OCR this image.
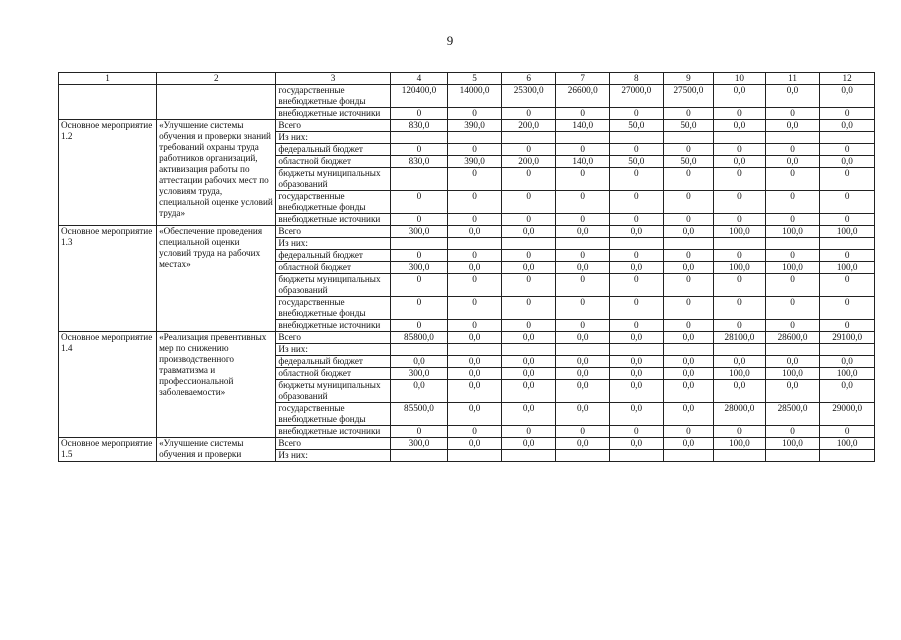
9
1	2	3	4	5	6	7	8	9	10	11	12
		государственные внебюджетные фонды	120400,0	14000,0	25300,0	26600,0	27000,0	27500,0	0,0	0,0	0,0
		внебюджетные источники	0	0	0	0	0	0	0	0	0
Основное мероприятие 1.2	«Улучшение системы обучения и проверки знаний требований охраны труда работников организаций, активизация работы по аттестации рабочих мест по условиям труда, специальной оценке условий труда»	Всего	830,0	390,0	200,0	140,0	50,0	50,0	0,0	0,0	0,0
		Из них:									
		федеральный бюджет	0	0	0	0	0	0	0	0	0
		областной бюджет	830,0	390,0	200,0	140,0	50,0	50,0	0,0	0,0	0,0
		бюджеты муниципальных образований		0	0	0	0	0	0	0	0
		государственные внебюджетные фонды	0	0	0	0	0	0	0	0	0
		внебюджетные источники	0	0	0	0	0	0	0	0	0
Основное мероприятие 1.3	«Обеспечение проведения специальной оценки условий труда на рабочих местах»	Всего	300,0	0,0	0,0	0,0	0,0	0,0	100,0	100,0	100,0
		Из них:									
		федеральный бюджет	0	0	0	0	0	0	0	0	0
		областной бюджет	300,0	0,0	0,0	0,0	0,0	0,0	100,0	100,0	100,0
		бюджеты муниципальных образований	0	0	0	0	0	0	0	0	0
		государственные внебюджетные фонды	0	0	0	0	0	0	0	0	0
		внебюджетные источники	0	0	0	0	0	0	0	0	0
Основное мероприятие 1.4	«Реализация превентивных мер по снижению производственного травматизма и профессиональной заболеваемости»	Всего	85800,0	0,0	0,0	0,0	0,0	0,0	28100,0	28600,0	29100,0
		Из них:									
		федеральный бюджет	0,0	0,0	0,0	0,0	0,0	0,0	0,0	0,0	0,0
		областной бюджет	300,0	0,0	0,0	0,0	0,0	0,0	100,0	100,0	100,0
		бюджеты муниципальных образований	0,0	0,0	0,0	0,0	0,0	0,0	0,0	0,0	0,0
		государственные внебюджетные фонды	85500,0	0,0	0,0	0,0	0,0	0,0	28000,0	28500,0	29000,0
		внебюджетные источники	0	0	0	0	0	0	0	0	0
Основное мероприятие 1.5	«Улучшение системы обучения и проверки	Всего	300,0	0,0	0,0	0,0	0,0	0,0	100,0	100,0	100,0
		Из них:									
